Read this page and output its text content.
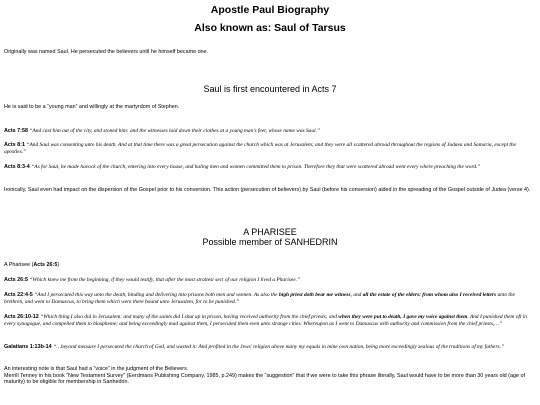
Apostle Paul Biography
Also known as: Saul of Tarsus
Originally was named Saul. He persecuted the believers until he himself became one.
Saul is first encountered in Acts 7
He is said to be a “young man” and willingly at the martyrdom of Stephen.
Acts 7:58 “And cast him out of the city, and stoned him: and the witnesses laid down their clothes at a young man's feet, whose name was Saul.”
Acts 8:1 “And Saul was consenting unto his death. And at that time there was a great persecution against the church which was at Jerusalem; and they were all scattered abroad throughout the regions of Judaea and Samaria, except the apostles.”
Acts 8:3-4 “As for Saul, he made havock of the church, entering into every house, and haling men and women committed them to prison. Therefore they that were scattered abroad went every where preaching the word.”
Ironically, Saul even had impact on the dispersion of the Gospel prior to his conversion. This action (persecution of believers) by Saul (before his conversion) aided in the spreading of the Gospel outside of Judea (verse 4).
A PHARISEE
Possible member of SANHEDRIN
A Pharisee (Acts 26:5)
Acts 26:5 “Which knew me from the beginning, if they would testify, that after the most straitest sect of our religion I lived a Pharisee.”
Acts 22:4-5 “And I persecuted this way unto the death, binding and delivering into prisons both men and women. As also the high priest doth bear me witness, and all the estate of the elders: from whom also I received letters unto the brethren, and went to Damascus, to bring them which were there bound unto Jerusalem, for to be punished.”
Acts 26:10-12 “Which thing I also did in Jerusalem: and many of the saints did I shut up in prison, having received authority from the chief priests; and when they were put to death, I gave my voice against them. And I punished them oft in every synagogue, and compelled them to blaspheme; and being exceedingly mad against them, I persecuted them even unto strange cities. Whereupon as I went to Damascus with authority and commission from the chief priests,…”
Galatians 1:13b-14 “…beyond measure I persecuted the church of God, and wasted it: And profited in the Jews' religion above many my equals in mine own nation, being more exceedingly zealous of the traditions of my fathers.”
An interesting note is that Saul had a “voice” in the judgment of the Believers.
Merrill Tenney in his book “New Testament Survey” (Eerdmans Publishing Company, 1985, p.249) makes the “suggestion” that if we were to take this phrase literally, Saul would have to be more than 30 years old (age of maturity) to be eligible for membership in Sanhedrin.
